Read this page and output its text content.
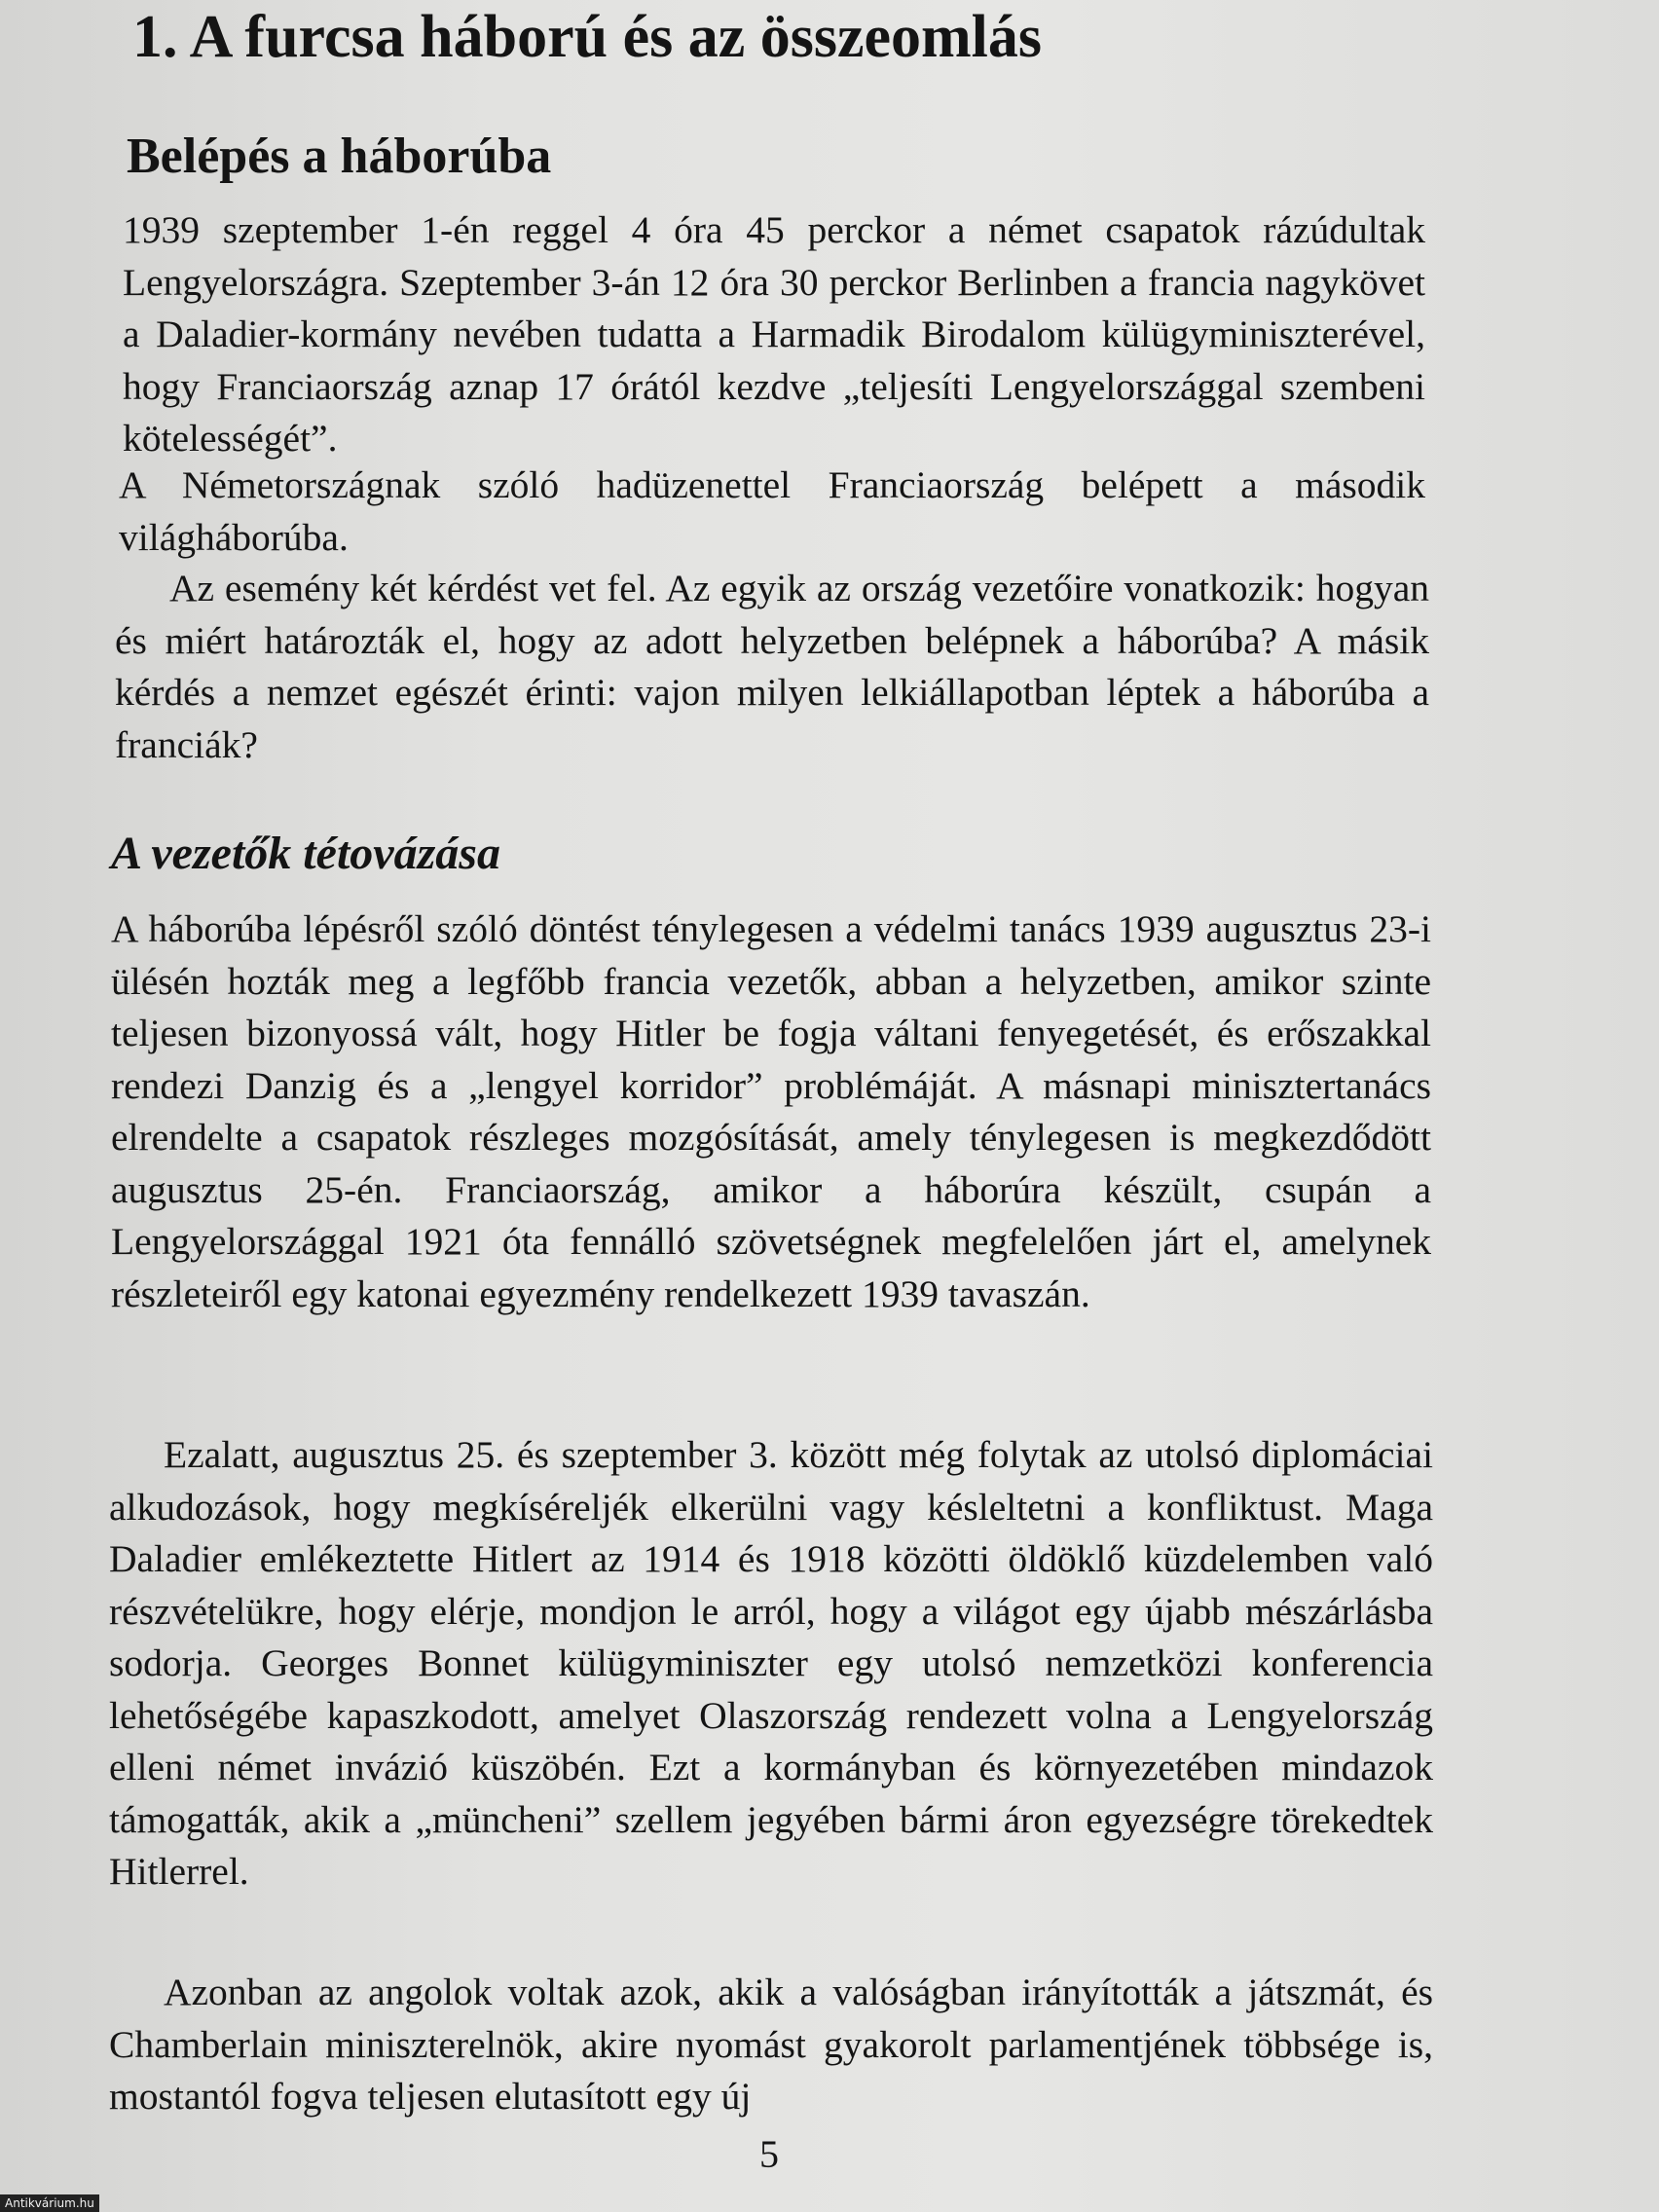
1. A furcsa háború és az összeomlás
Belépés a háborúba

1939 szeptember 1-én reggel 4 óra 45 perckor a német csapatok rázúdultak Lengyelországra. Szeptember 3-án 12 óra 30 perckor Berlinben a francia nagykövet a Daladier-kormány nevében tudatta a Harmadik Birodalom külügyminiszterével, hogy Franciaország aznap 17 órától kezdve „teljesíti Lengyelországgal szembeni kötelességét”.

A Németországnak szóló hadüzenettel Franciaország belépett a második világháborúba.

Az esemény két kérdést vet fel. Az egyik az ország vezetőire vonatkozik: hogyan és miért határozták el, hogy az adott helyzetben belépnek a háborúba? A másik kérdés a nemzet egészét érinti: vajon milyen lelkiállapotban léptek a háborúba a franciák?

A vezetők tétovázása

A háborúba lépésről szóló döntést ténylegesen a védelmi tanács 1939 augusztus 23-i ülésén hozták meg a legfőbb francia vezetők, abban a helyzetben, amikor szinte teljesen bizonyossá vált, hogy Hitler be fogja váltani fenyegetését, és erőszakkal rendezi Danzig és a „lengyel korridor” problémáját. A másnapi minisztertanács elrendelte a csapatok részleges mozgósítását, amely ténylegesen is megkezdődött augusztus 25-én. Franciaország, amikor a háborúra készült, csupán a Lengyelországgal 1921 óta fennálló szövetségnek megfelelően járt el, amelynek részleteiről egy katonai egyezmény rendelkezett 1939 tavaszán.

Ezalatt, augusztus 25. és szeptember 3. között még folytak az utolsó diplomáciai alkudozások, hogy megkíséreljék elkerülni vagy késleltetni a konfliktust. Maga Daladier emlékeztette Hitlert az 1914 és 1918 közötti öldöklő küzdelemben való részvételükre, hogy elérje, mondjon le arról, hogy a világot egy újabb mészárlásba sodorja. Georges Bonnet külügyminiszter egy utolsó nemzetközi konferencia lehetőségébe kapaszkodott, amelyet Olaszország rendezett volna a Lengyelország elleni német invázió küszöbén. Ezt a kormányban és környezetében mindazok támogatták, akik a „müncheni” szellem jegyében bármi áron egyezségre törekedtek Hitlerrel.

Azonban az angolok voltak azok, akik a valóságban irányították a játszmát, és Chamberlain miniszterelnök, akire nyomást gyakorolt parlamentjének többsége is, mostantól fogva teljesen elutasított egy új

5

Antikvárium.hu
